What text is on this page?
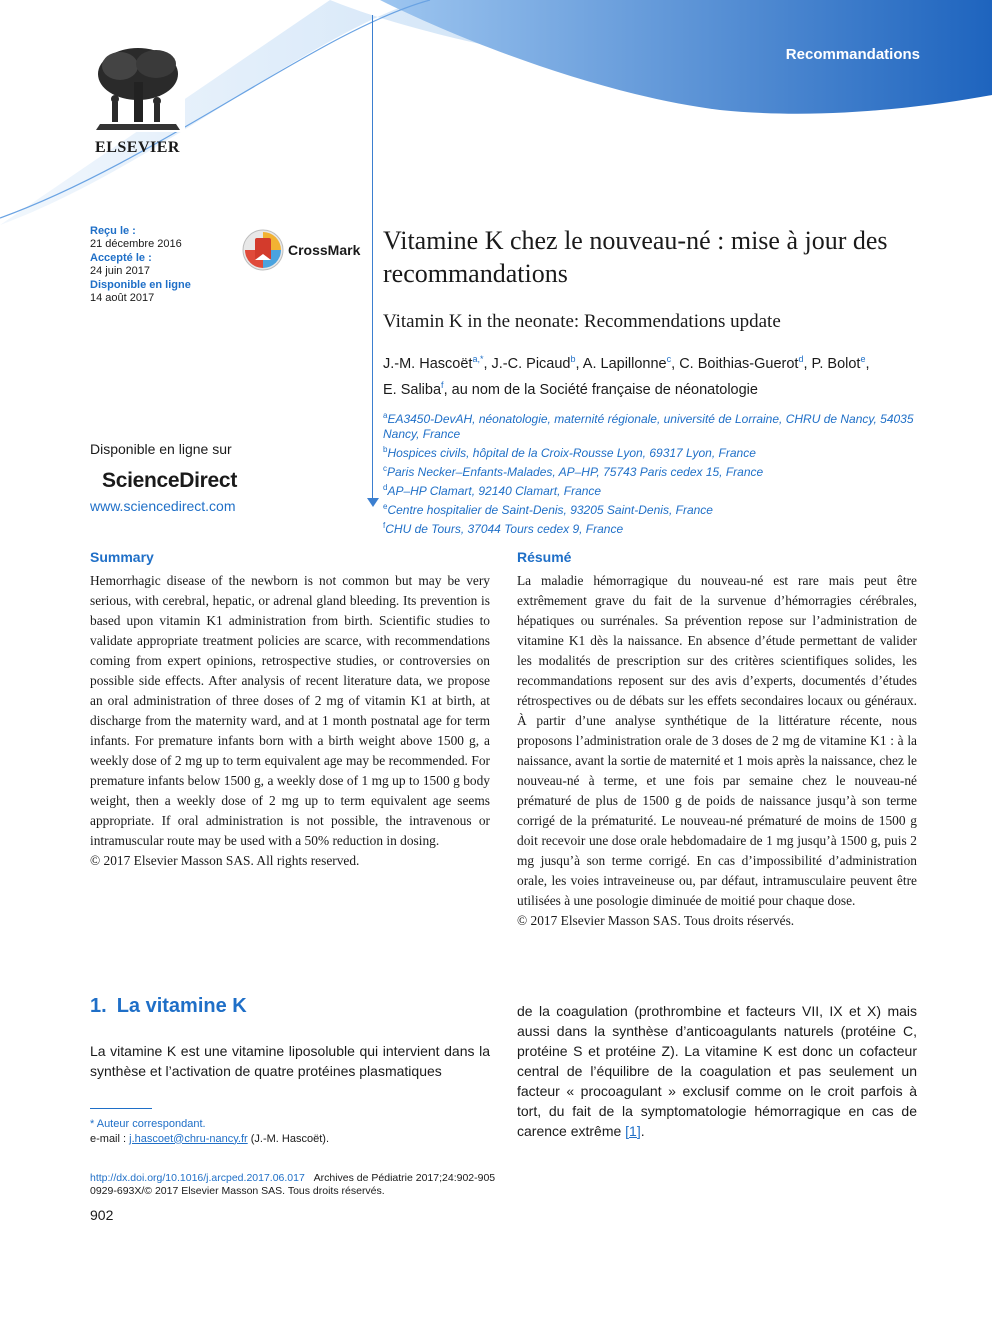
Recommandations
ELSEVIER
Reçu le :
21 décembre 2016
Accepté le :
24 juin 2017
Disponible en ligne
14 août 2017
CrossMark Vitamine K chez le nouveau-né : mise à jour des recommandations
Vitamin K in the neonate: Recommendations update
J.-M. Hascoët$^{a,*}$, J.-C. Picaud$^b$, A. Lapillonne$^c$, C. Boithias-Guerot$^d$, P. Bolot$^e$,
E. Saliba$^f$, au nom de la Société française de néonatologie
$^a$EA3450-DevAH, néonatologie, maternité régionale, université de Lorraine, CHRU de Nancy, 54035 Nancy, France
$^b$Hospices civils, hôpital de la Croix-Rousse Lyon, 69317 Lyon, France
$^c$Paris Necker–Enfants-Malades, AP–HP, 75743 Paris cedex 15, France
$^d$AP–HP Clamart, 92140 Clamart, France
$^e$Centre hospitalier de Saint-Denis, 93205 Saint-Denis, France
$^f$CHU de Tours, 37044 Tours cedex 9, France
Disponible en ligne sur
ScienceDirect
www.sciencedirect.com
Summary
Hemorrhagic disease of the newborn is not common but may be very serious, with cerebral, hepatic, or adrenal gland bleeding. Its prevention is based upon vitamin K1 administration from birth. Scientific studies to validate appropriate treatment policies are scarce, with recommendations coming from expert opinions, retrospective studies, or controversies on possible side effects. After analysis of recent literature data, we propose an oral administration of three doses of 2 mg of vitamin K1 at birth, at discharge from the maternity ward, and at 1 month postnatal age for term infants. For premature infants born with a birth weight above 1500 g, a weekly dose of 2 mg up to term equivalent age may be recommended. For premature infants below 1500 g, a weekly dose of 1 mg up to 1500 g body weight, then a weekly dose of 2 mg up to term equivalent age seems appropriate. If oral administration is not possible, the intravenous or intramuscular route may be used with a 50% reduction in dosing.
© 2017 Elsevier Masson SAS. All rights reserved.
Résumé
La maladie hémorragique du nouveau-né est rare mais peut être extrêmement grave du fait de la survenue d’hémorragies cérébrales, hépatiques ou surrénales. Sa prévention repose sur l’administration de vitamine K1 dès la naissance. En absence d’étude permettant de valider les modalités de prescription sur des critères scientifiques solides, les recommandations reposent sur des avis d’experts, documentés d’études rétrospectives ou de débats sur les effets secondaires locaux ou généraux. À partir d’une analyse synthétique de la littérature récente, nous proposons l’administration orale de 3 doses de 2 mg de vitamine K1 : à la naissance, avant la sortie de maternité et 1 mois après la naissance, chez le nouveau-né à terme, et une fois par semaine chez le nouveau-né prématuré de plus de 1500 g de poids de naissance jusqu’à son terme corrigé de la prématurité. Le nouveau-né prématuré de moins de 1500 g doit recevoir une dose orale hebdomadaire de 1 mg jusqu’à 1500 g, puis 2 mg jusqu’à son terme corrigé. En cas d’impossibilité d’administration orale, les voies intraveineuse ou, par défaut, intramusculaire peuvent être utilisées à une posologie diminuée de moitié pour chaque dose.
© 2017 Elsevier Masson SAS. Tous droits réservés.
1. La vitamine K
La vitamine K est une vitamine liposoluble qui intervient dans la synthèse et l’activation de quatre protéines plasmatiques
de la coagulation (prothrombine et facteurs VII, IX et X) mais aussi dans la synthèse d’anticoagulants naturels (protéine C, protéine S et protéine Z). La vitamine K est donc un cofacteur central de l’équilibre de la coagulation et pas seulement un facteur « procoagulant » exclusif comme on le croit parfois à tort, du fait de la symptomatologie hémorragique en cas de carence extrême [1].
* Auteur correspondant.
e-mail : j.hascoet@chru-nancy.fr (J.-M. Hascoët).
http://dx.doi.org/10.1016/j.arcped.2017.06.017 Archives de Pédiatrie 2017;24:902-905
0929-693X/© 2017 Elsevier Masson SAS. Tous droits réservés.
902
